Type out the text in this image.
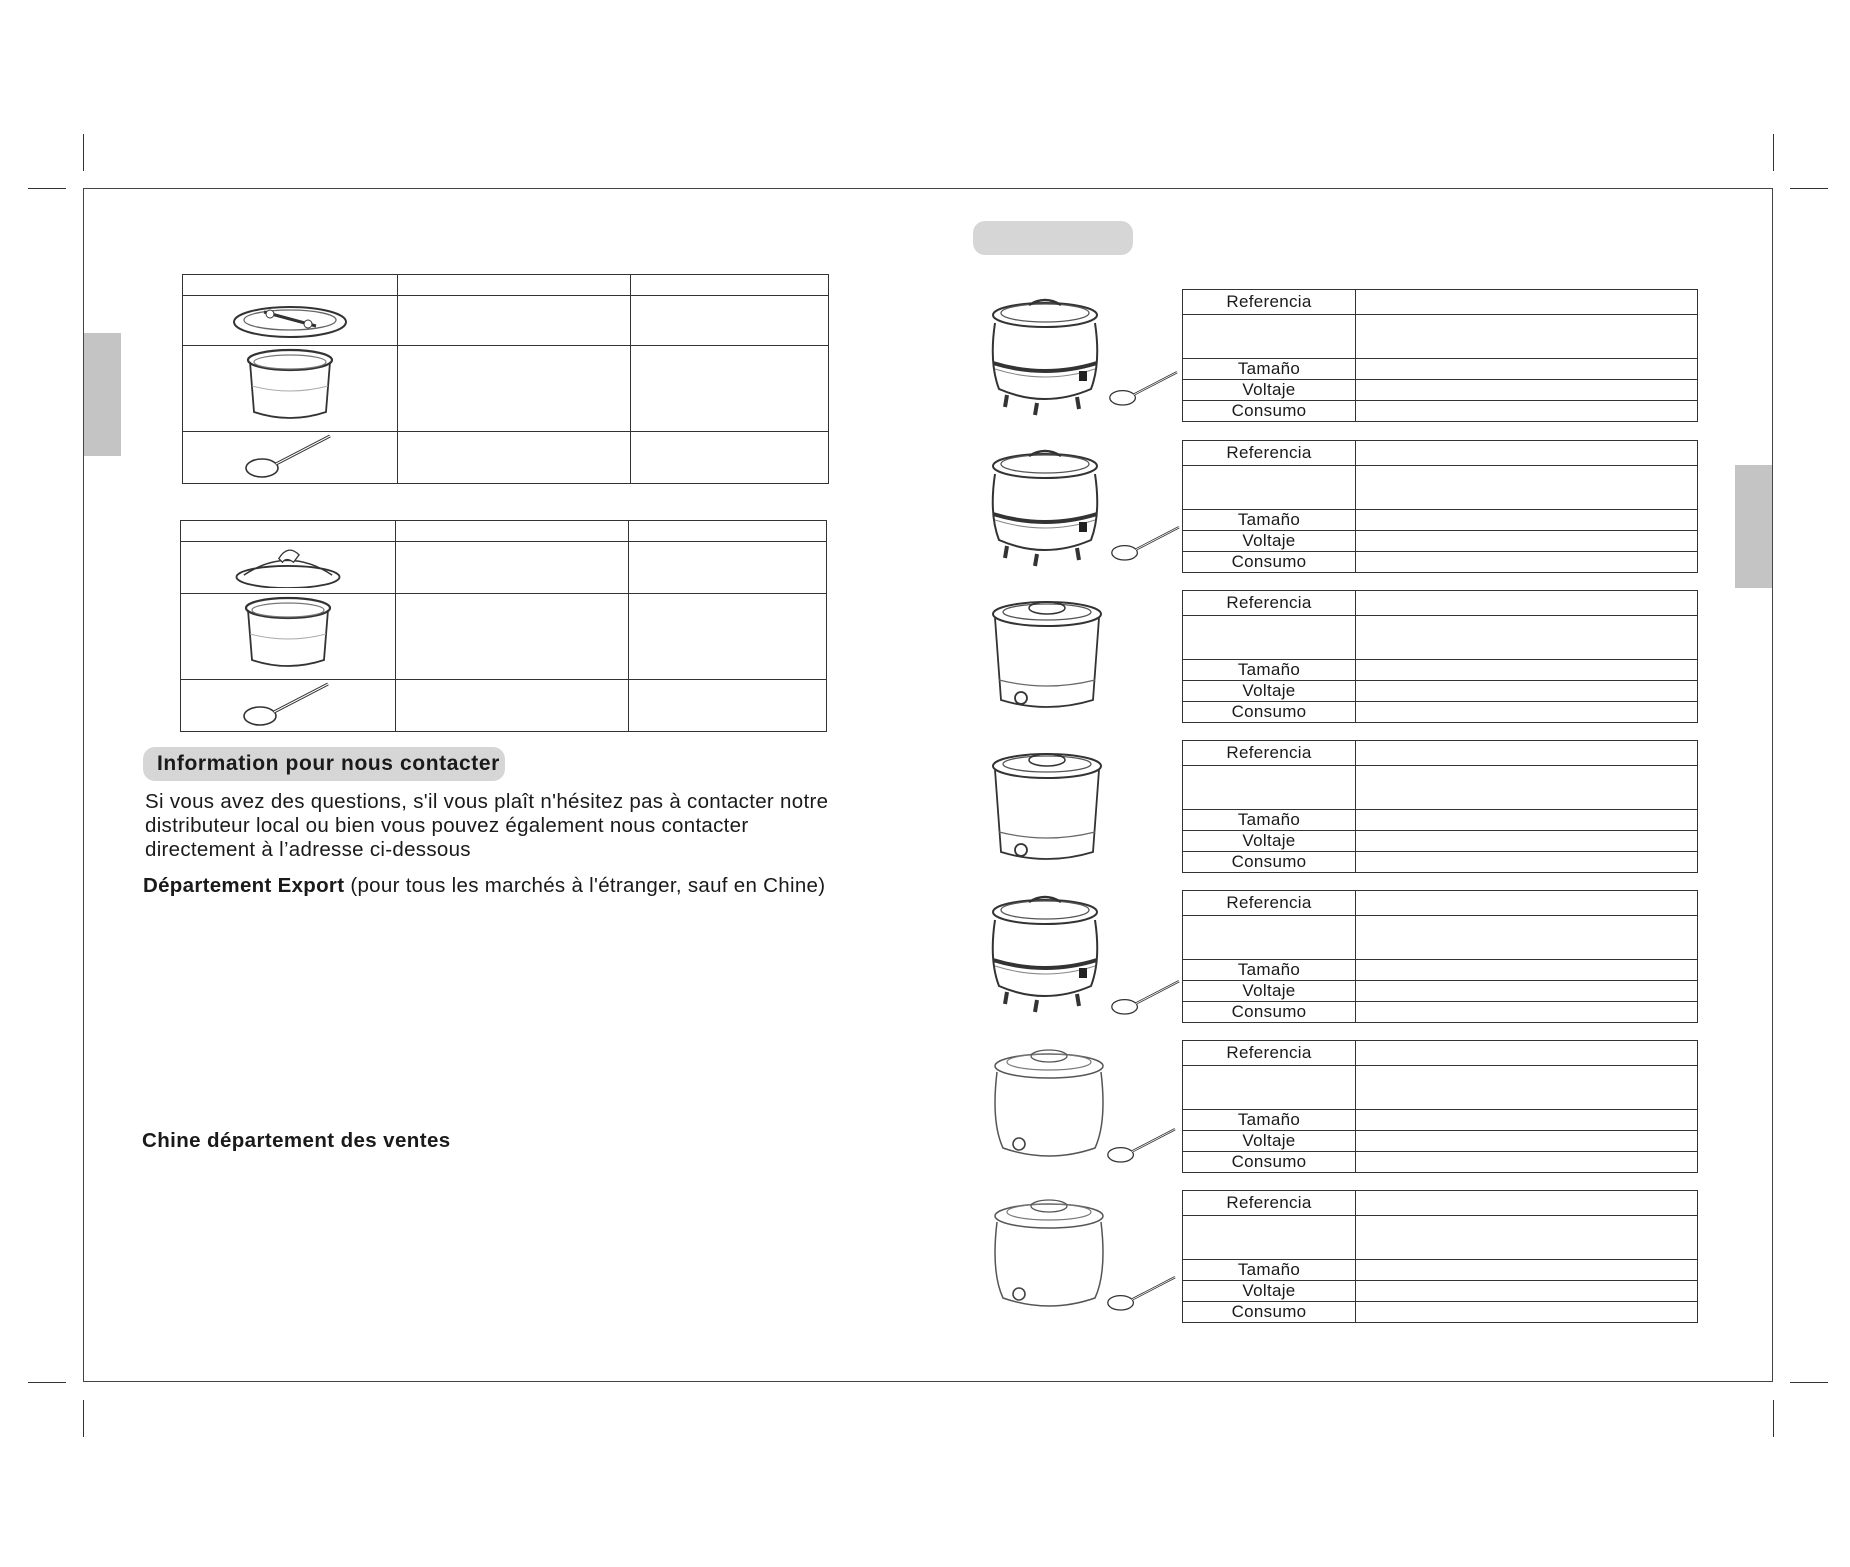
Information pour nous contacter

Si vous avez des questions, s'il vous plaît n'hésitez pas à contacter notre

distributeur local ou bien vous pouvez également nous contacter

directement à l’adresse ci-dessous

Département Export (pour tous les marchés à l'étranger, sauf en Chine)
Chine département des ventes
Referencia	

Tamaño	
Voltaje	
Consumo	
Referencia	

Tamaño	
Voltaje	
Consumo	
Referencia	

Tamaño	
Voltaje	
Consumo	
Referencia	

Tamaño	
Voltaje	
Consumo	
Referencia	

Tamaño	
Voltaje	
Consumo	
Referencia	

Tamaño	
Voltaje	
Consumo	
Referencia	

Tamaño	
Voltaje	
Consumo	
